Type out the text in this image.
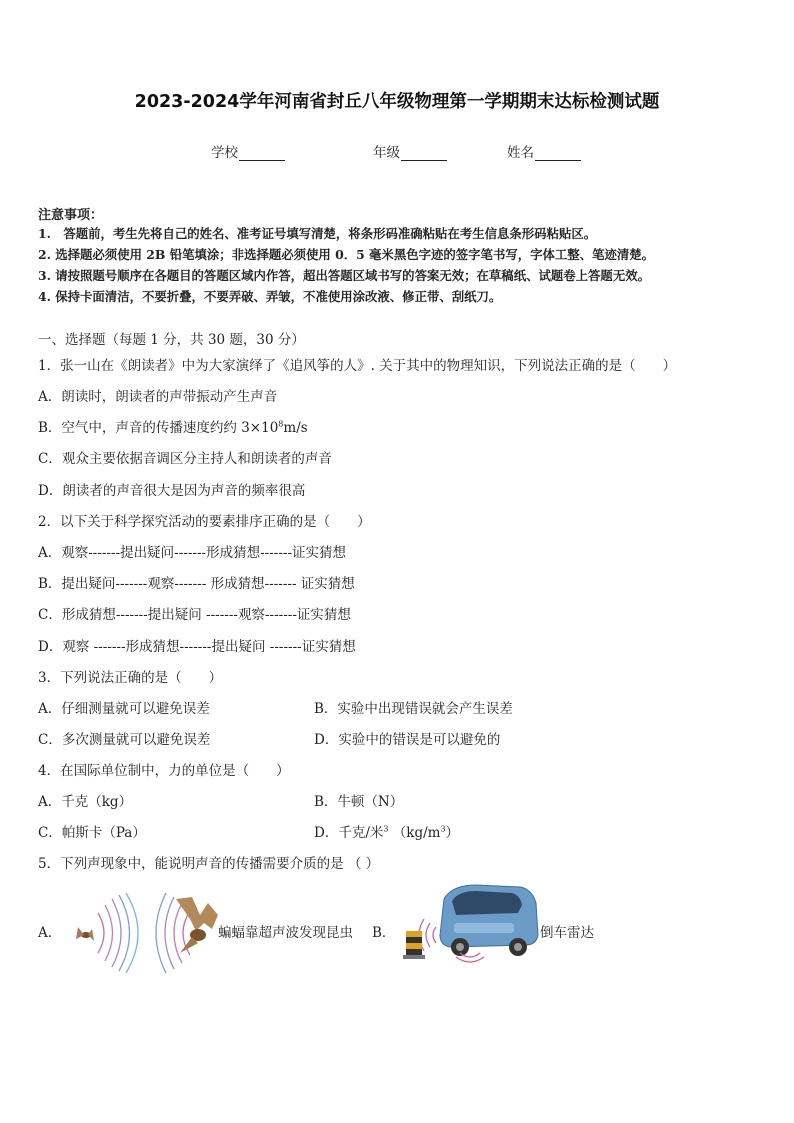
2023-2024学年河南省封丘八年级物理第一学期期末达标检测试题
学校	年级	姓名
注意事项：
1.　答题前，考生先将自己的姓名、准考证号填写清楚，将条形码准确粘贴在考生信息条形码粘贴区。
2. 选择题必须使用 2B 铅笔填涂；非选择题必须使用 0．5 毫米黑色字迹的签字笔书写，字体工整、笔迹清楚。
3. 请按照题号顺序在各题目的答题区域内作答，超出答题区域书写的答案无效；在草稿纸、试题卷上答题无效。
4. 保持卡面清洁，不要折叠，不要弄破、弄皱，不准使用涂改液、修正带、刮纸刀。
一、选择题（每题 1 分，共 30 题，30 分）
1．张一山在《朗读者》中为大家演绎了《追风筝的人》. 关于其中的物理知识，下列说法正确的是（　　）
A．朗读时，朗读者的声带振动产生声音
B．空气中，声音的传播速度约约 $3\times 10^8m/s$
C．观众主要依据音调区分主持人和朗读者的声音
D．朗读者的声音很大是因为声音的频率很高
2．以下关于科学探究活动的要素排序正确的是（　　）
A．观察-------提出疑问-------形成猜想-------证实猜想
B．提出疑问-------观察------- 形成猜想------- 证实猜想
C．形成猜想-------提出疑问 -------观察-------证实猜想
D．观察 -------形成猜想-------提出疑问 -------证实猜想
3．下列说法正确的是（　　）
A．仔细测量就可以避免误差	B．实验中出现错误就会产生误差
C．多次测量就可以避免误差	D．实验中的错误是可以避免的
4．在国际单位制中，力的单位是（　　）
A．千克（kg）	B．牛顿（N）
C．帕斯卡（Pa）	D．千克/米$^3$ $(kg/m^3)$
5．下列声现象中，能说明声音的传播需要介质的是 （ ）
A．	蝙蝠靠超声波发现昆虫 B．	倒车雷达
